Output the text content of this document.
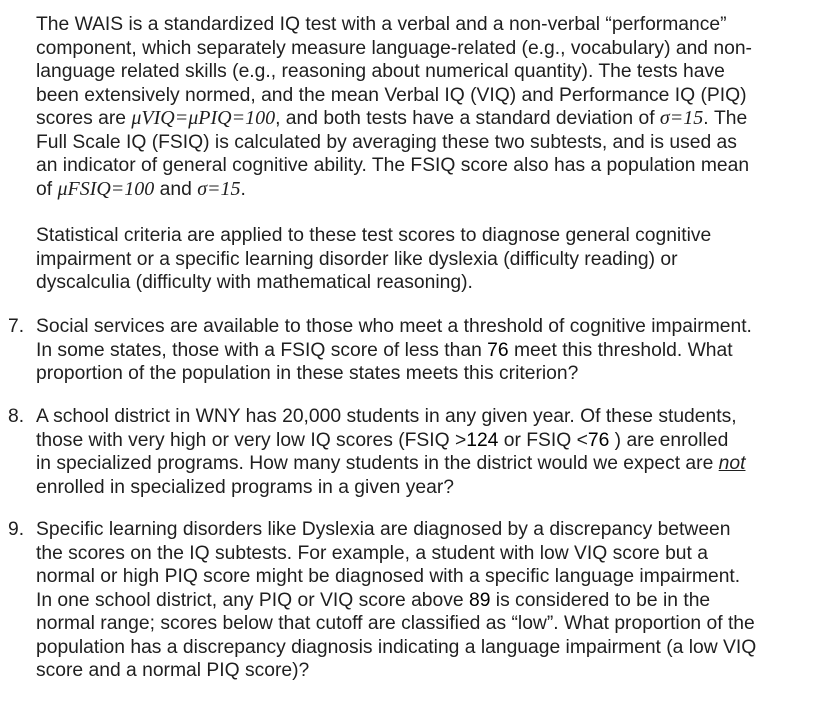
The WAIS is a standardized IQ test with a verbal and a non-verbal “performance”
component, which separately measure language-related (e.g., vocabulary) and non-
language related skills (e.g., reasoning about numerical quantity). The tests have
been extensively normed, and the mean Verbal IQ (VIQ) and Performance IQ (PIQ)
scores are μVIQ=μPIQ=100, and both tests have a standard deviation of σ=15. The
Full Scale IQ (FSIQ) is calculated by averaging these two subtests, and is used as
an indicator of general cognitive ability. The FSIQ score also has a population mean
of μFSIQ=100 and σ=15.
Statistical criteria are applied to these test scores to diagnose general cognitive
impairment or a specific learning disorder like dyslexia (difficulty reading) or
dyscalculia (difficulty with mathematical reasoning).
7. Social services are available to those who meet a threshold of cognitive impairment.
In some states, those with a FSIQ score of less than 76 meet this threshold. What
proportion of the population in these states meets this criterion?
8. A school district in WNY has 20,000 students in any given year. Of these students,
those with very high or very low IQ scores (FSIQ >124 or FSIQ <76 ) are enrolled
in specialized programs. How many students in the district would we expect are not
enrolled in specialized programs in a given year?
9. Specific learning disorders like Dyslexia are diagnosed by a discrepancy between
the scores on the IQ subtests. For example, a student with low VIQ score but a
normal or high PIQ score might be diagnosed with a specific language impairment.
In one school district, any PIQ or VIQ score above 89 is considered to be in the
normal range; scores below that cutoff are classified as “low”. What proportion of the
population has a discrepancy diagnosis indicating a language impairment (a low VIQ
score and a normal PIQ score)?
